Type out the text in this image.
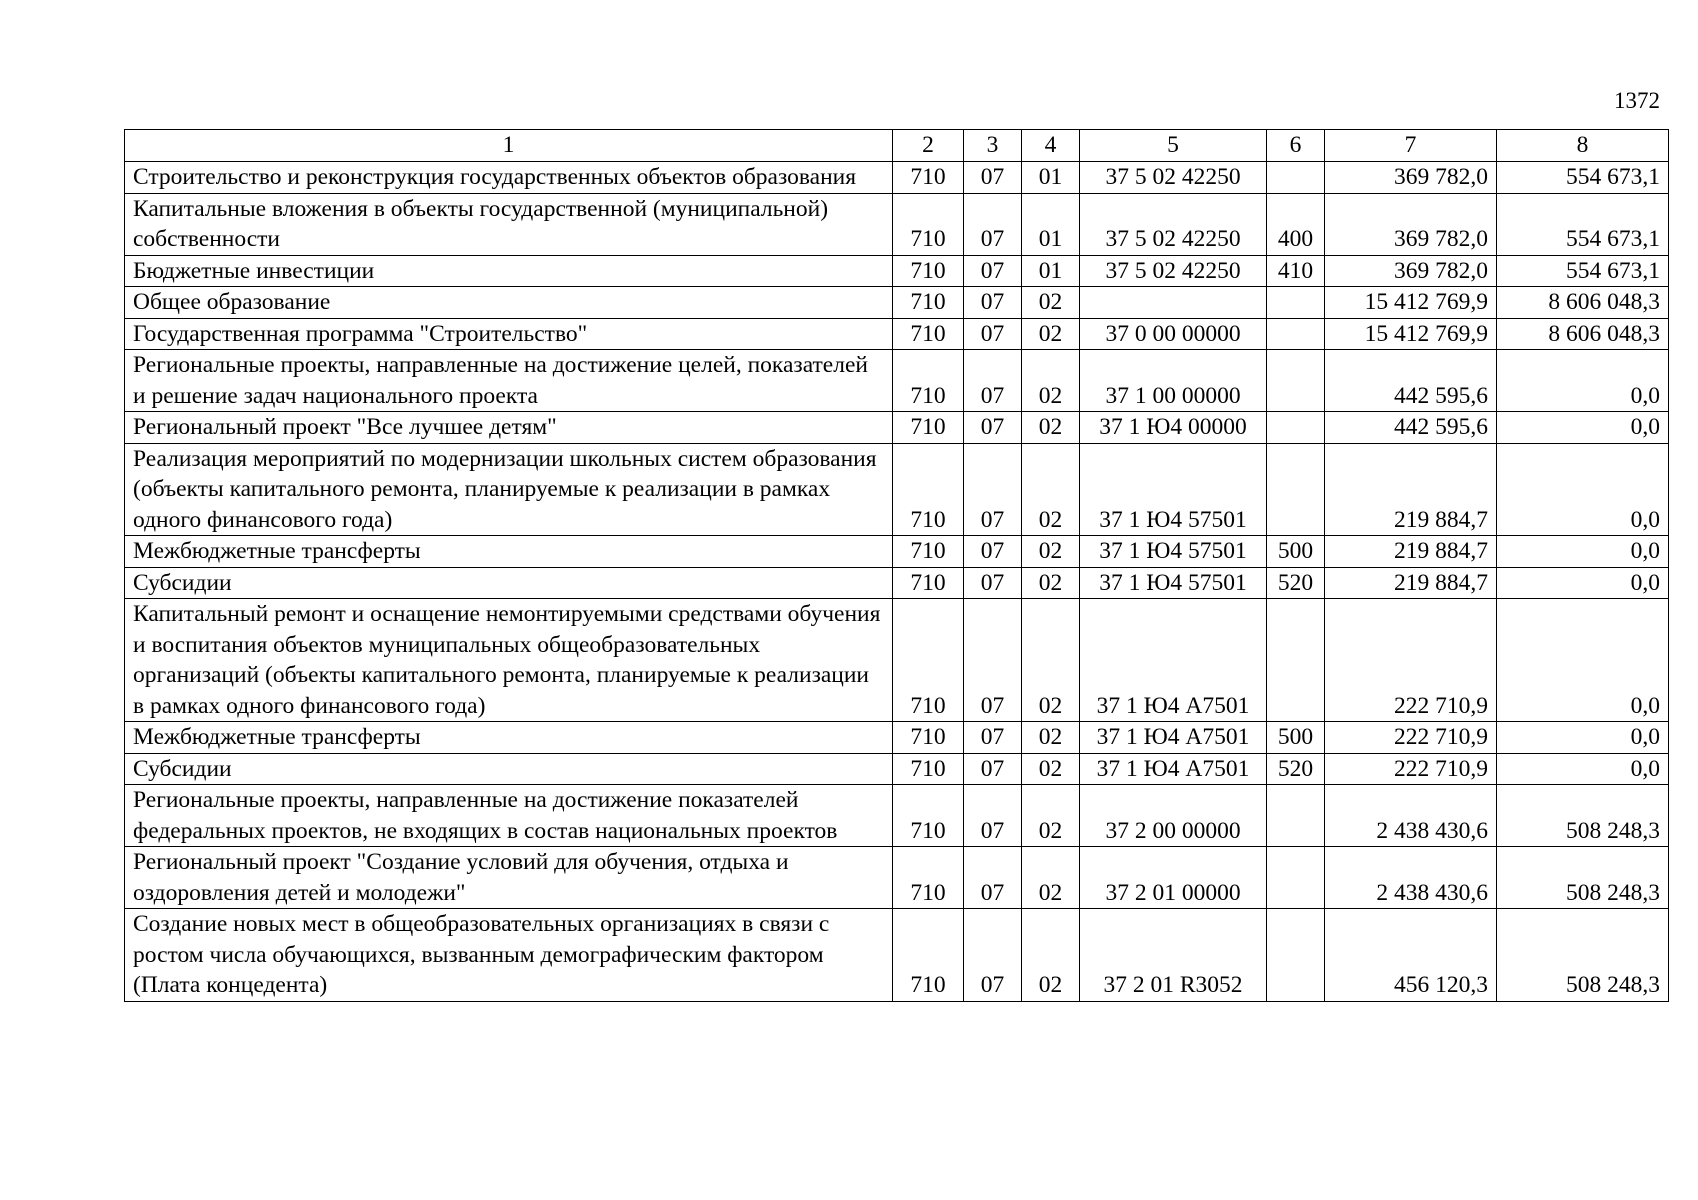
1372
1	2	3	4	5	6	7	8
Строительство и реконструкция государственных объектов образования	710	07	01	37 5 02 42250		369 782,0	554 673,1
Капитальные вложения в объекты государственной (муниципальной) собственности	710	07	01	37 5 02 42250	400	369 782,0	554 673,1
Бюджетные инвестиции	710	07	01	37 5 02 42250	410	369 782,0	554 673,1
Общее образование	710	07	02			15 412 769,9	8 606 048,3
Государственная программа "Строительство"	710	07	02	37 0 00 00000		15 412 769,9	8 606 048,3
Региональные проекты, направленные на достижение целей, показателей и решение задач национального проекта	710	07	02	37 1 00 00000		442 595,6	0,0
Региональный проект "Все лучшее детям"	710	07	02	37 1 Ю4 00000		442 595,6	0,0
Реализация мероприятий по модернизации школьных систем образования (объекты капитального ремонта, планируемые к реализации в рамках одного финансового года)	710	07	02	37 1 Ю4 57501		219 884,7	0,0
Межбюджетные трансферты	710	07	02	37 1 Ю4 57501	500	219 884,7	0,0
Субсидии	710	07	02	37 1 Ю4 57501	520	219 884,7	0,0
Капитальный ремонт и оснащение немонтируемыми средствами обучения и воспитания объектов муниципальных общеобразовательных организаций (объекты капитального ремонта, планируемые к реализации в рамках одного финансового года)	710	07	02	37 1 Ю4 А7501		222 710,9	0,0
Межбюджетные трансферты	710	07	02	37 1 Ю4 А7501	500	222 710,9	0,0
Субсидии	710	07	02	37 1 Ю4 А7501	520	222 710,9	0,0
Региональные проекты, направленные на достижение показателей федеральных проектов, не входящих в состав национальных проектов	710	07	02	37 2 00 00000		2 438 430,6	508 248,3
Региональный проект "Создание условий для обучения, отдыха и оздоровления детей и молодежи"	710	07	02	37 2 01 00000		2 438 430,6	508 248,3
Создание новых мест в общеобразовательных организациях в связи с ростом числа обучающихся, вызванным демографическим фактором (Плата концедента)	710	07	02	37 2 01 R3052		456 120,3	508 248,3
